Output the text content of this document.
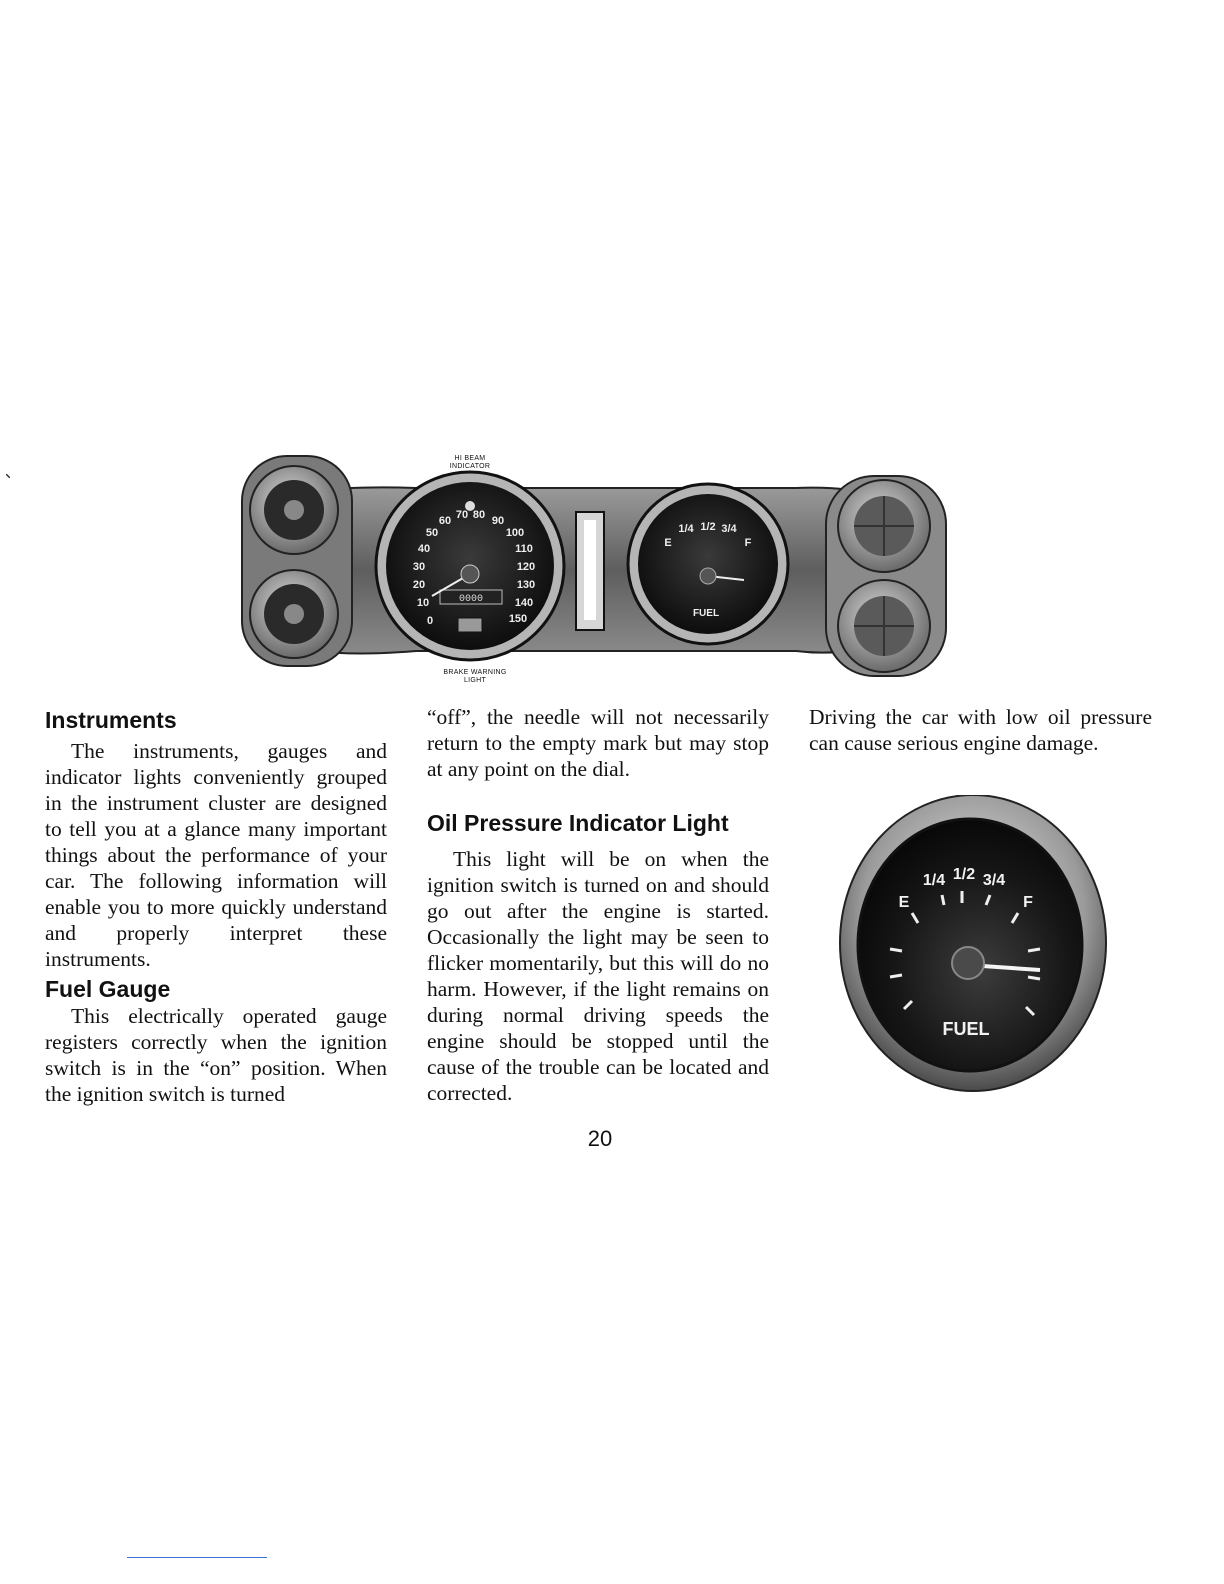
0
10
20
30
40
50
60 70 80 90
100
110
120
130
140
150
0000
E
1/4 1/2 3/4
F
FUEL
HI BEAM
INDICATOR
BRAKE WARNING
LIGHT
Instruments

The instruments, gauges and indicator lights conveniently grouped in the instrument cluster are designed to tell you at a glance many important things about the performance of your car. The following information will enable you to more quickly understand and properly interpret these instruments.

Fuel Gauge

This electrically operated gauge registers correctly when the ignition switch is in the “on” position. When the ignition switch is turned

“off”, the needle will not necessarily return to the empty mark but may stop at any point on the dial.

Oil Pressure Indicator Light

This light will be on when the ignition switch is turned on and should go out after the engine is started. Occasionally the light may be seen to flicker momentarily, but this will do no harm. However, if the light remains on during normal driving speeds the engine should be stopped until the cause of the trouble can be located and corrected.

Driving the car with low oil pressure can cause serious engine damage.

E
1/4 1/2 3/4
F
FUEL
20
